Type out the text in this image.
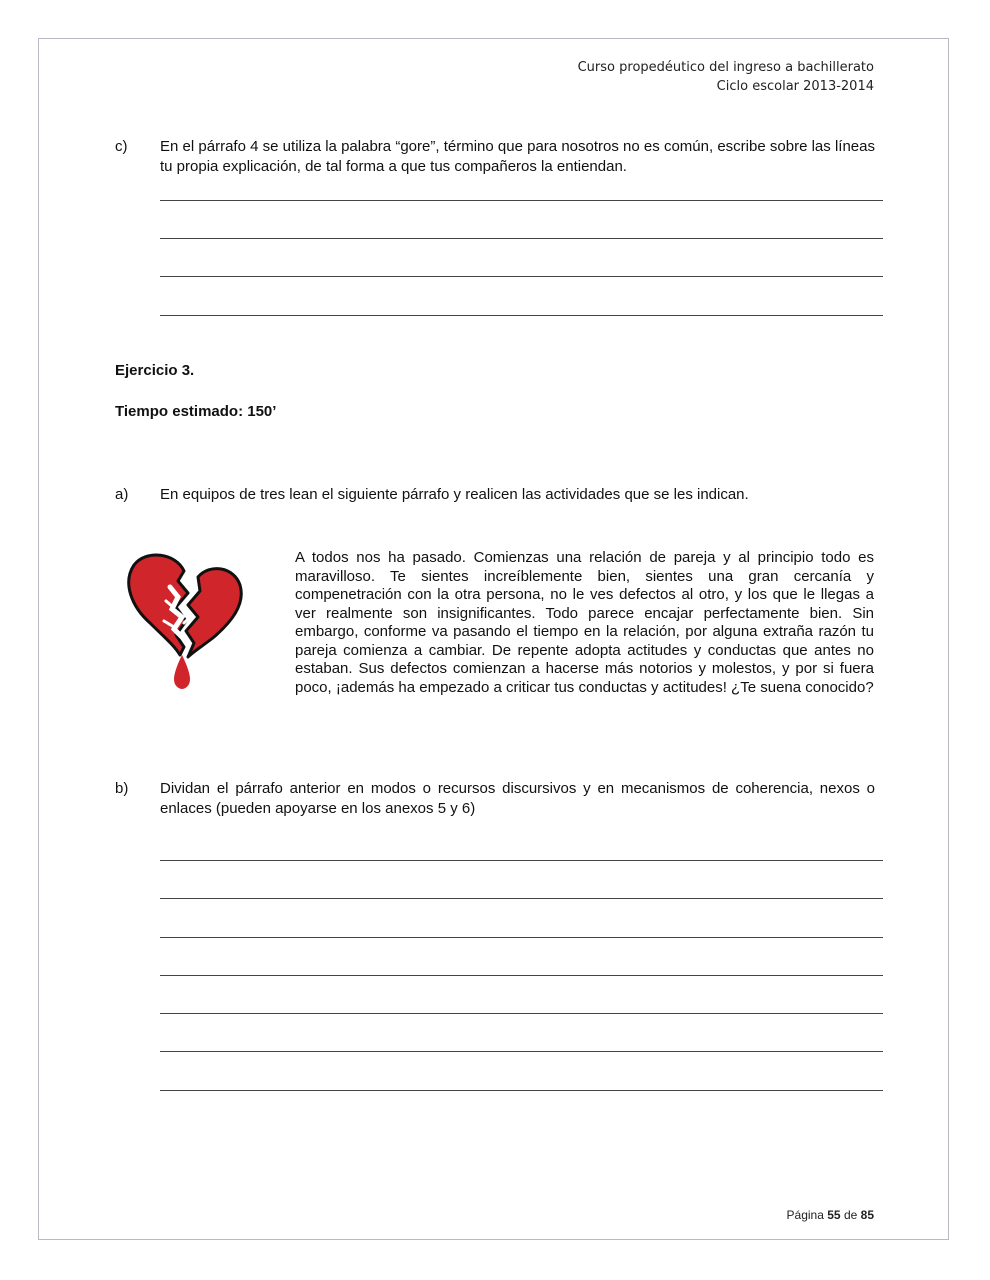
Curso propedéutico del ingreso a bachillerato
Ciclo escolar 2013-2014
c)	En el párrafo 4 se utiliza la palabra “gore”, término que para nosotros no es común, escribe sobre las líneas tu propia explicación, de tal forma a que tus compañeros la entiendan.
Ejercicio 3.
Tiempo estimado: 150’
a)	En equipos de tres lean el siguiente párrafo y realicen las actividades que se les indican.
A todos nos ha pasado. Comienzas una relación de pareja y al principio todo es maravilloso. Te sientes increíblemente bien, sientes una gran cercanía y compenetración con la otra persona, no le ves defectos al otro, y los que le llegas a ver realmente son insignificantes. Todo parece encajar perfectamente bien. Sin embargo, conforme va pasando el tiempo en la relación, por alguna extraña razón tu pareja comienza a cambiar. De repente adopta actitudes y conductas que antes no estaban. Sus defectos comienzan a hacerse más notorios y molestos, y por si fuera poco, ¡además ha empezado a criticar tus conductas y actitudes! ¿Te suena conocido?
b)	Dividan el párrafo anterior en modos o recursos discursivos y en mecanismos de coherencia, nexos o enlaces (pueden apoyarse en los anexos 5 y 6)
Página 55 de 85
